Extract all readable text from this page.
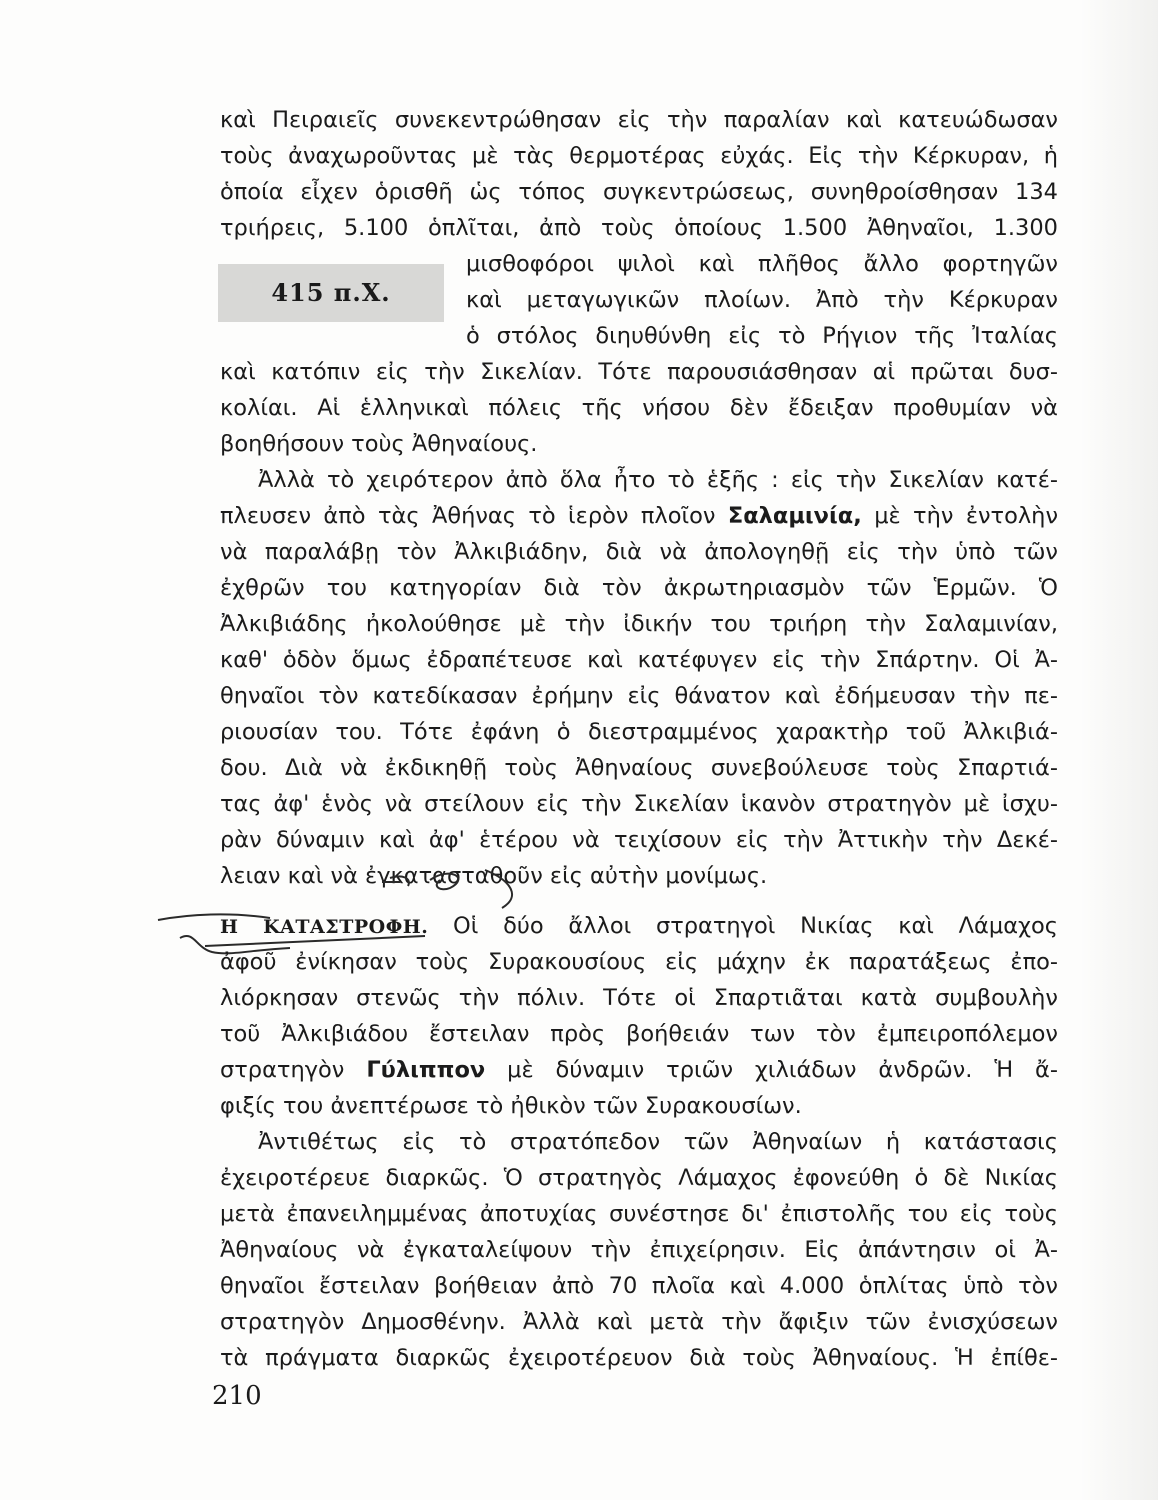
καὶ Πειραιεῖς συνεκεντρώθησαν εἰς τὴν παραλίαν καὶ κατευώδωσαν
τοὺς ἀναχωροῦντας μὲ τὰς θερμοτέρας εὐχάς. Εἰς τὴν Κέρκυραν, ἡ
ὁποία εἶχεν ὁρισθῆ ὡς τόπος συγκεντρώσεως, συνηθροίσθησαν 134
τριήρεις, 5.100 ὁπλῖται, ἀπὸ τοὺς ὁποίους 1.500 Ἀθηναῖοι, 1.300
415 π.Χ.
μισθοφόροι ψιλοὶ καὶ πλῆθος ἄλλο φορτηγῶν
καὶ μεταγωγικῶν πλοίων. Ἀπὸ τὴν Κέρκυραν
ὁ στόλος διηυθύνθη εἰς τὸ Ρήγιον τῆς Ἰταλίας
καὶ κατόπιν εἰς τὴν Σικελίαν. Τότε παρουσιάσθησαν αἱ πρῶται δυσ-
κολίαι. Αἱ ἑλληνικαὶ πόλεις τῆς νήσου δὲν ἔδειξαν προθυμίαν νὰ
βοηθήσουν τοὺς Ἀθηναίους.
Ἀλλὰ τὸ χειρότερον ἀπὸ ὅλα ἦτο τὸ ἑξῆς : εἰς τὴν Σικελίαν κατέ-
πλευσεν ἀπὸ τὰς Ἀθήνας τὸ ἱερὸν πλοῖον Σαλαμινία, μὲ τὴν ἐντολὴν
νὰ παραλάβῃ τὸν Ἀλκιβιάδην, διὰ νὰ ἀπολογηθῇ εἰς τὴν ὑπὸ τῶν
ἐχθρῶν του κατηγορίαν διὰ τὸν ἀκρωτηριασμὸν τῶν Ἑρμῶν. Ὁ
Ἀλκιβιάδης ἠκολούθησε μὲ τὴν ἰδικήν του τριήρη τὴν Σαλαμινίαν,
καθ' ὁδὸν ὅμως ἐδραπέτευσε καὶ κατέφυγεν εἰς τὴν Σπάρτην. Οἱ Ἀ-
θηναῖοι τὸν κατεδίκασαν ἐρήμην εἰς θάνατον καὶ ἐδήμευσαν τὴν πε-
ριουσίαν του. Τότε ἐφάνη ὁ διεστραμμένος χαρακτὴρ τοῦ Ἀλκιβιά-
δου. Διὰ νὰ ἐκδικηθῇ τοὺς Ἀθηναίους συνεβούλευσε τοὺς Σπαρτιά-
τας ἀφ' ἑνὸς νὰ στείλουν εἰς τὴν Σικελίαν ἱκανὸν στρατηγὸν μὲ ἰσχυ-
ρὰν δύναμιν καὶ ἀφ' ἑτέρου νὰ τειχίσουν εἰς τὴν Ἀττικὴν τὴν Δεκέ-
λειαν καὶ νὰ ἐγκατασταθοῦν εἰς αὐτὴν μονίμως.
Η ΚΑΤΑΣΤΡΟΦΗ. Οἱ δύο ἄλλοι στρατηγοὶ Νικίας καὶ Λάμαχος
ἀφοῦ ἐνίκησαν τοὺς Συρακουσίους εἰς μάχην ἐκ παρατάξεως ἐπο-
λιόρκησαν στενῶς τὴν πόλιν. Τότε οἱ Σπαρτιᾶται κατὰ συμβουλὴν
τοῦ Ἀλκιβιάδου ἔστειλαν πρὸς βοήθειάν των τὸν ἐμπειροπόλεμον
στρατηγὸν Γύλιππον μὲ δύναμιν τριῶν χιλιάδων ἀνδρῶν. Ἡ ἄ-
φιξίς του ἀνεπτέρωσε τὸ ἠθικὸν τῶν Συρακουσίων.
Ἀντιθέτως εἰς τὸ στρατόπεδον τῶν Ἀθηναίων ἡ κατάστασις
ἐχειροτέρευε διαρκῶς. Ὁ στρατηγὸς Λάμαχος ἐφονεύθη ὁ δὲ Νικίας
μετὰ ἐπανειλημμένας ἀποτυχίας συνέστησε δι' ἐπιστολῆς του εἰς τοὺς
Ἀθηναίους νὰ ἐγκαταλείψουν τὴν ἐπιχείρησιν. Εἰς ἀπάντησιν οἱ Ἀ-
θηναῖοι ἔστειλαν βοήθειαν ἀπὸ 70 πλοῖα καὶ 4.000 ὁπλίτας ὑπὸ τὸν
στρατηγὸν Δημοσθένην. Ἀλλὰ καὶ μετὰ τὴν ἄφιξιν τῶν ἐνισχύσεων
τὰ πράγματα διαρκῶς ἐχειροτέρευον διὰ τοὺς Ἀθηναίους. Ἡ ἐπίθε-
210
